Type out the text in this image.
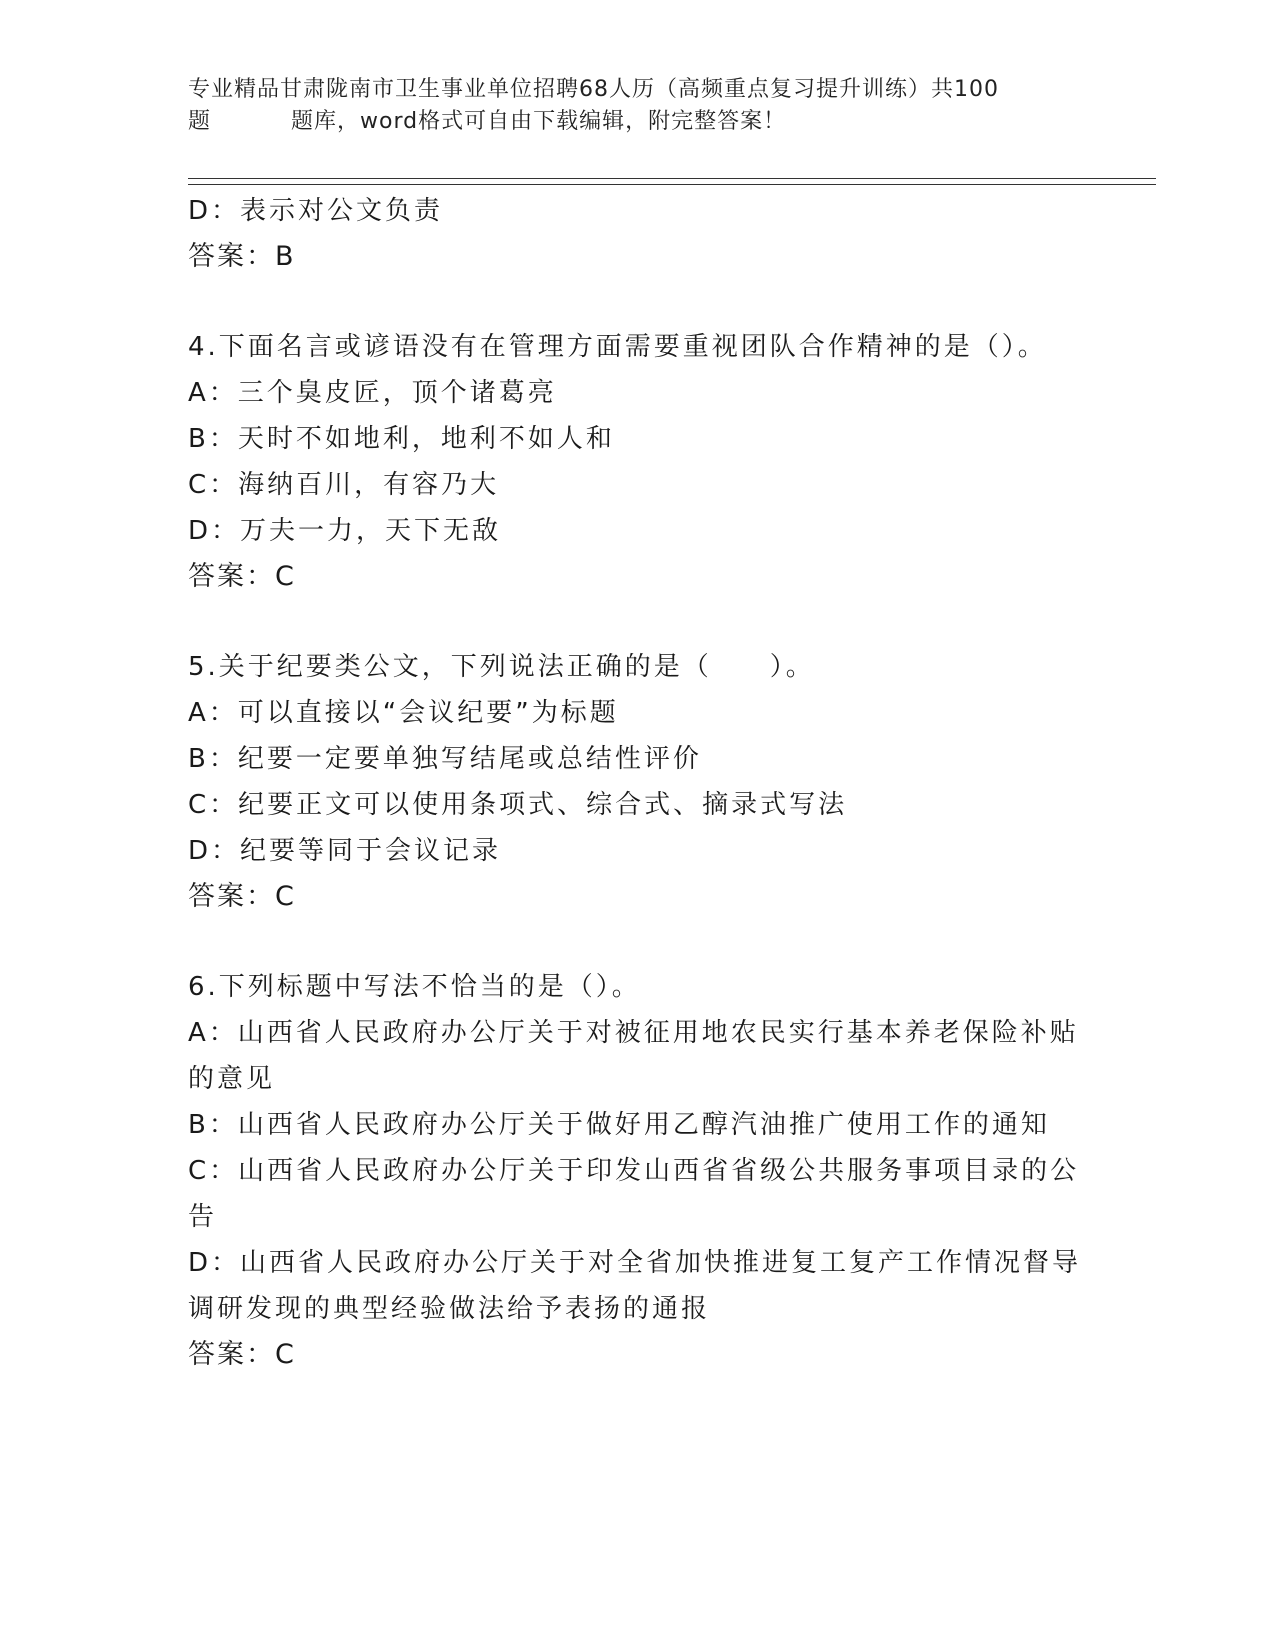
专业精品甘肃陇南市卫生事业单位招聘68人历（高频重点复习提升训练）共100
题	题库，word格式可自由下载编辑，附完整答案！
D：表示对公文负责
答案：B
4.下面名言或谚语没有在管理方面需要重视团队合作精神的是（）。
A：三个臭皮匠，顶个诸葛亮
B：天时不如地利，地利不如人和
C：海纳百川，有容乃大
D：万夫一力，天下无敌
答案：C
5.关于纪要类公文，下列说法正确的是（　　）。
A：可以直接以“会议纪要”为标题
B：纪要一定要单独写结尾或总结性评价
C：纪要正文可以使用条项式、综合式、摘录式写法
D：纪要等同于会议记录
答案：C
6.下列标题中写法不恰当的是（）。
A：山西省人民政府办公厅关于对被征用地农民实行基本养老保险补贴的意见
B：山西省人民政府办公厅关于做好用乙醇汽油推广使用工作的通知
C：山西省人民政府办公厅关于印发山西省省级公共服务事项目录的公告
D：山西省人民政府办公厅关于对全省加快推进复工复产工作情况督导调研发现的典型经验做法给予表扬的通报
答案：C
